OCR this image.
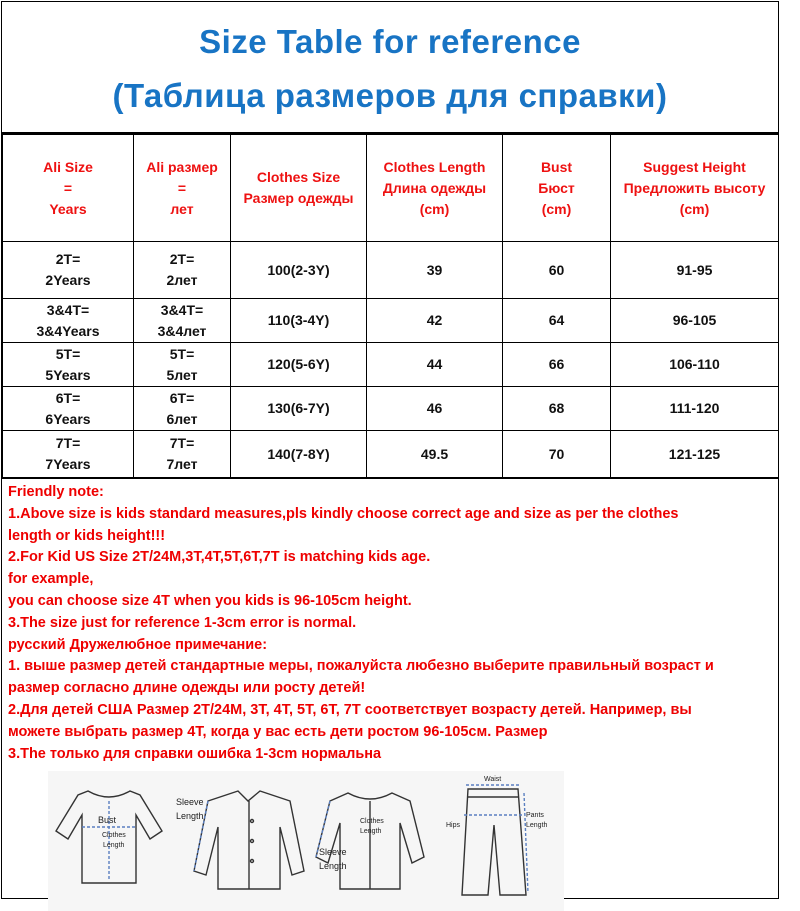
Size Table for reference
(Таблица размеров для справки)
Ali Size
=
Years	Ali размер
=
лет	Clothes Size
Размер одежды	Clothes Length
Длина одежды
(cm)	Bust
Бюст
(cm)	Suggest Height
Предложить высоту
(cm)

2T=
2Years	2T=
2лет	100(2-3Y)	39	60	91-95

3&4T=
3&4Years	3&4T=
3&4лет	110(3-4Y)	42	64	96-105

5T=
5Years	5T=
5лет	120(5-6Y)	44	66	106-110

6T=
6Years	6T=
6лет	130(6-7Y)	46	68	111-120

7T=
7Years	7T=
7лет	140(7-8Y)	49.5	70	121-125
Friendly note:
1.Above size is kids standard measures,pls kindly choose correct age and size as per the clothes
length or kids height!!!
2.For Kid US Size 2T/24M,3T,4T,5T,6T,7T is matching kids age.
for example,
you can choose size 4T when you kids is 96-105cm height.
3.The size just for reference 1-3cm error is normal.
русский Дружелюбное примечание:
1. выше размер детей стандартные меры, пожалуйста любезно выберите правильный возраст и
размер согласно длине одежды или росту детей!
2.Для детей США Размер 2T/24M, 3T, 4T, 5T, 6T, 7T соответствует возрасту детей. Например, вы
можете выбрать размер 4T, когда у вас есть дети ростом 96-105см. Размер
3.The только для справки ошибка 1-3cm нормальна
Bust
Clothes
Length
Sleeve
Length
Clothes
Length
Sleeve
Length
Waist
Hips
Pants
Length
